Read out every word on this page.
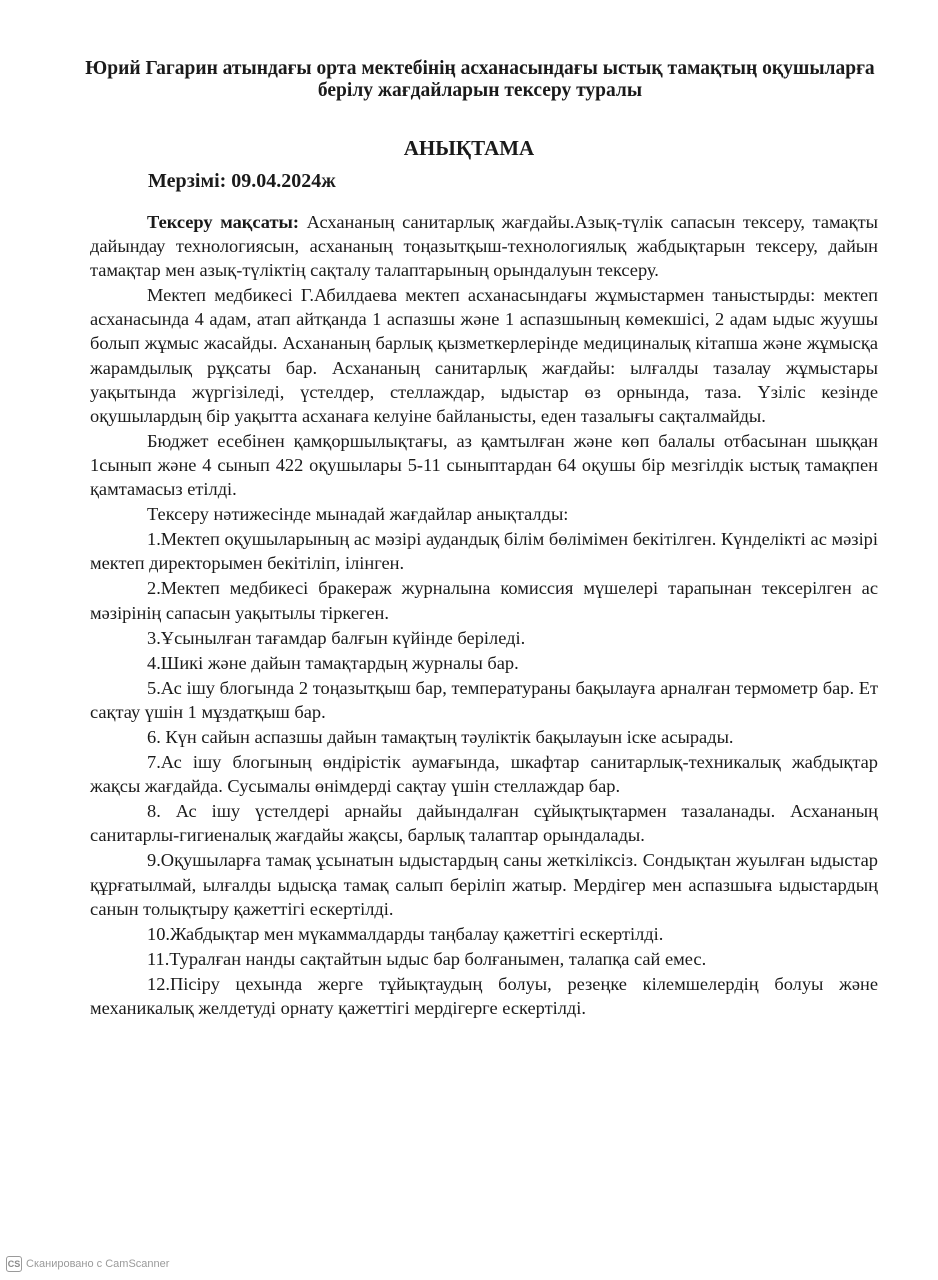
Юрий Гагарин атындағы орта мектебінің асханасындағы ыстық тамақтың оқушыларға берілу жағдайларын тексеру туралы
АНЫҚТАМА
Мерзімі: 09.04.2024ж

Тексеру мақсаты: Асхананың санитарлық жағдайы.Азық-түлік сапасын тексеру, тамақты дайындау технологиясын, асхананың тоңазытқыш-технологиялық жабдықтарын тексеру, дайын тамақтар мен азық-түліктің сақталу талаптарының орындалуын тексеру.

Мектеп медбикесі Г.Абилдаева мектеп асханасындағы жұмыстармен таныстырды: мектеп асханасында 4 адам, атап айтқанда 1 аспазшы және 1 аспазшының көмекшісі, 2 адам ыдыс жуушы болып жұмыс жасайды. Асхананың барлық қызметкерлерінде медициналық кітапша және жұмысқа жарамдылық рұқсаты бар. Асхананың санитарлық жағдайы: ылғалды тазалау жұмыстары уақытында жүргізіледі, үстелдер, стеллаждар, ыдыстар өз орнында, таза. Үзіліс кезінде оқушылардың бір уақытта асханаға келуіне байланысты, еден тазалығы сақталмайды.

Бюджет есебінен қамқоршылықтағы, аз қамтылған және көп балалы отбасынан шыққан 1сынып және 4 сынып 422 оқушылары 5-11 сыныптардан 64 оқушы бір мезгілдік ыстық тамақпен қамтамасыз етілді.

Тексеру нәтижесінде мынадай жағдайлар анықталды:

1.Мектеп оқушыларының ас мәзірі аудандық білім бөлімімен бекітілген. Күнделікті ас мәзірі мектеп директорымен бекітіліп, ілінген.

2.Мектеп медбикесі бракераж журналына комиссия мүшелері тарапынан тексерілген ас мәзірінің сапасын уақытылы тіркеген.

3.Ұсынылған тағамдар балғын күйінде беріледі.

4.Шикі және дайын тамақтардың журналы бар.

5.Ас ішу блогында 2 тоңазытқыш бар, температураны бақылауға арналған термометр бар. Ет сақтау үшін 1 мұздатқыш бар.

6. Күн сайын аспазшы дайын тамақтың тәуліктік бақылауын іске асырады.

7.Ас ішу блогының өндірістік аумағында, шкафтар санитарлық-техникалық жабдықтар жақсы жағдайда. Сусымалы өнімдерді сақтау үшін стеллаждар бар.

8. Ас ішу үстелдері арнайы дайындалған сұйықтықтармен тазаланады. Асхананың санитарлы-гигиеналық жағдайы жақсы, барлық талаптар орындалады.

9.Оқушыларға тамақ ұсынатын ыдыстардың саны жеткіліксіз. Сондықтан жуылған ыдыстар құрғатылмай, ылғалды ыдысқа тамақ салып беріліп жатыр. Мердігер мен аспазшыға ыдыстардың санын толықтыру қажеттігі ескертілді.

10.Жабдықтар мен мүкаммалдарды таңбалау қажеттігі ескертілді.

11.Туралған нанды сақтайтын ыдыс бар болғанымен, талапқа сай емес.

12.Пісіру цехында жерге тұйықтаудың болуы, резеңке кілемшелердің болуы және механикалық желдетуді орнату қажеттігі мердігерге ескертілді.

CS Сканировано с CamScanner
